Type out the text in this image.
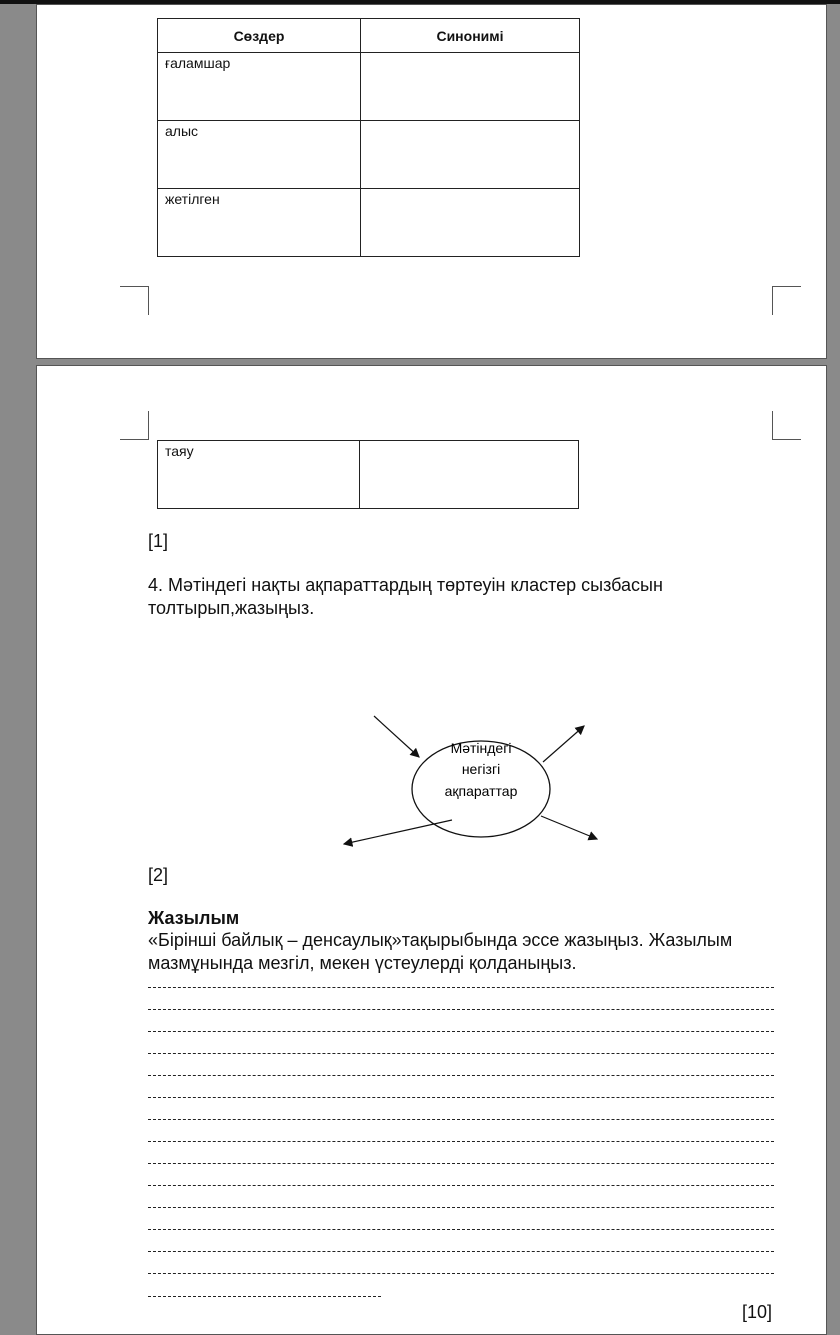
Сөздер	Синонимі
ғаламшар	
алыс	
жетілген	
таяу	
[1]
4. Мәтіндегі нақты ақпараттардың төртеуін кластер сызбасын
толтырып,жазыңыз.
Мәтіндегі
негізгі
ақпараттар
[2]
Жазылым
«Бірінші байлық – денсаулық»тақырыбында эссе жазыңыз. Жазылым
мазмұнында мезгіл, мекен үстеулерді қолданыңыз.
[10]
